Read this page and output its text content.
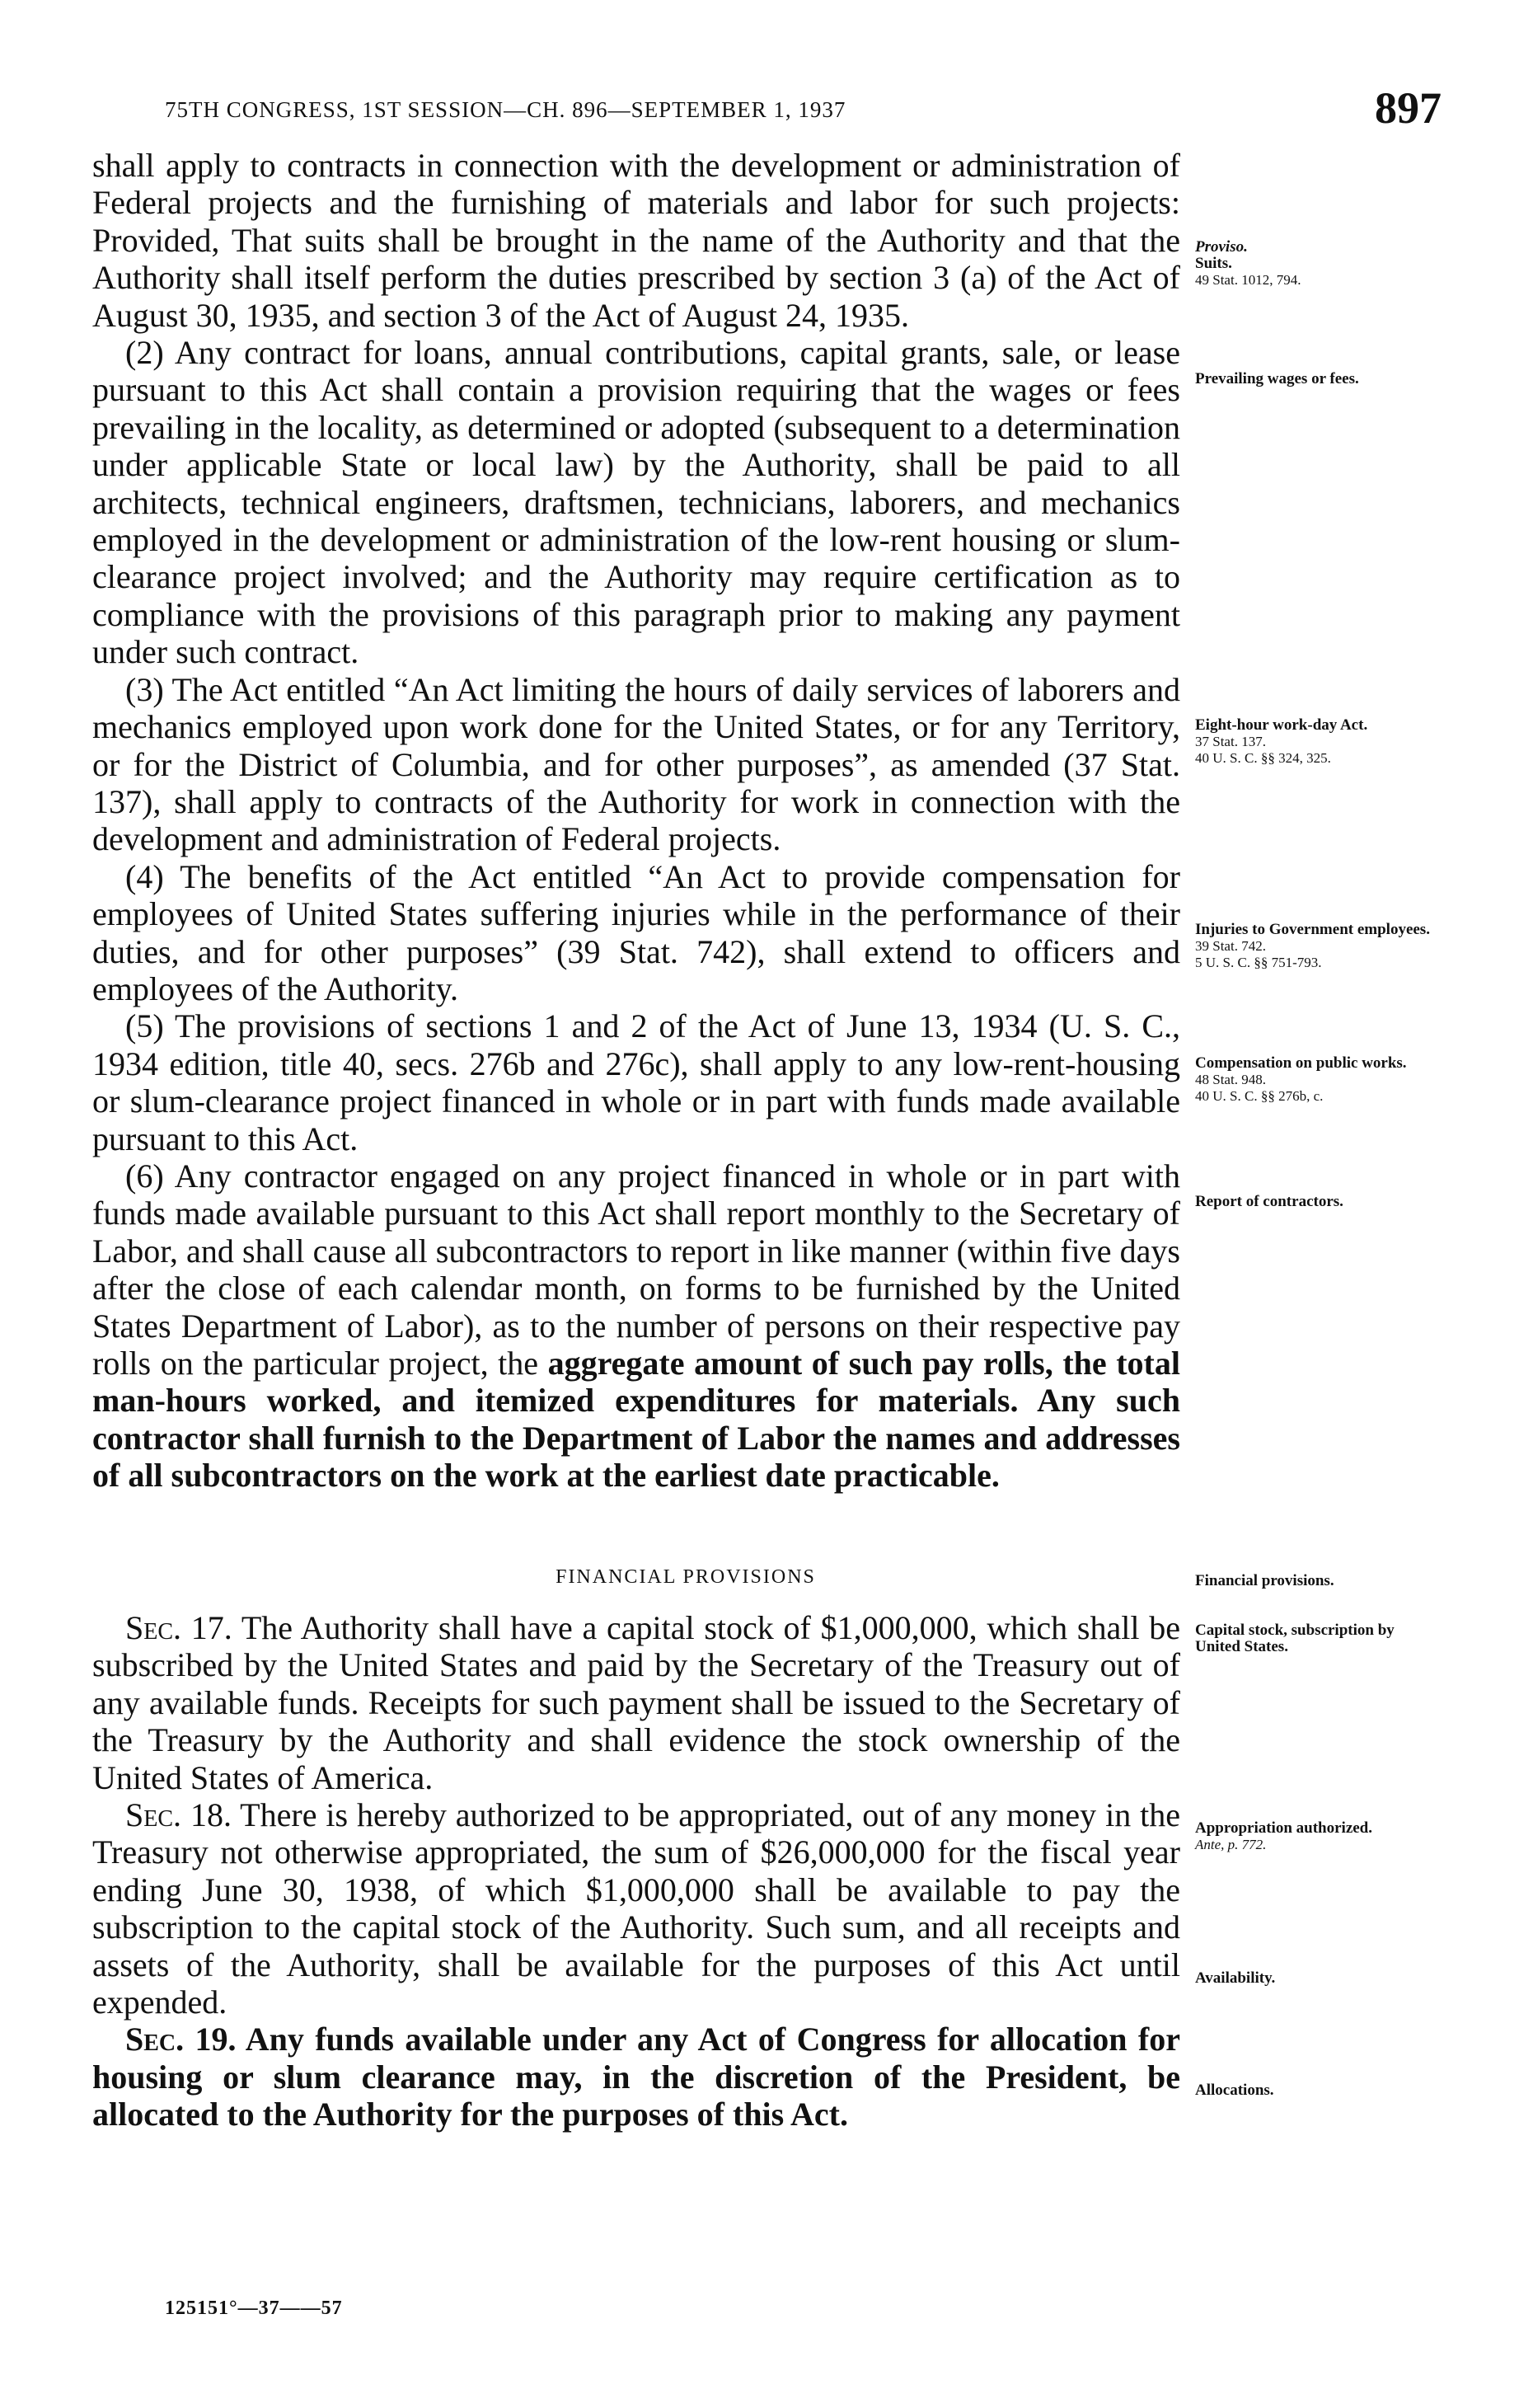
75TH CONGRESS, 1ST SESSION—CH. 896—SEPTEMBER 1, 1937	897

shall apply to contracts in connection with the development or administration of Federal projects and the furnishing of materials and labor for such projects: Provided, That suits shall be brought in the name of the Authority and that the Authority shall itself perform the duties prescribed by section 3 (a) of the Act of August 30, 1935, and section 3 of the Act of August 24, 1935.

(2) Any contract for loans, annual contributions, capital grants, sale, or lease pursuant to this Act shall contain a provision requiring that the wages or fees prevailing in the locality, as determined or adopted (subsequent to a determination under applicable State or local law) by the Authority, shall be paid to all architects, technical engineers, draftsmen, technicians, laborers, and mechanics employed in the development or administration of the low-rent housing or slum-clearance project involved; and the Authority may require certification as to compliance with the provisions of this paragraph prior to making any payment under such contract.

(3) The Act entitled “An Act limiting the hours of daily services of laborers and mechanics employed upon work done for the United States, or for any Territory, or for the District of Columbia, and for other purposes”, as amended (37 Stat. 137), shall apply to contracts of the Authority for work in connection with the development and administration of Federal projects.

(4) The benefits of the Act entitled “An Act to provide compensation for employees of United States suffering injuries while in the performance of their duties, and for other purposes” (39 Stat. 742), shall extend to officers and employees of the Authority.

(5) The provisions of sections 1 and 2 of the Act of June 13, 1934 (U. S. C., 1934 edition, title 40, secs. 276b and 276c), shall apply to any low-rent-housing or slum-clearance project financed in whole or in part with funds made available pursuant to this Act.

(6) Any contractor engaged on any project financed in whole or in part with funds made available pursuant to this Act shall report monthly to the Secretary of Labor, and shall cause all subcontractors to report in like manner (within five days after the close of each calendar month, on forms to be furnished by the United States Department of Labor), as to the number of persons on their respective pay rolls on the particular project, the aggregate amount of such pay rolls, the total man-hours worked, and itemized expenditures for materials. Any such contractor shall furnish to the Department of Labor the names and addresses of all subcontractors on the work at the earliest date practicable.

FINANCIAL PROVISIONS

Sec. 17. The Authority shall have a capital stock of $1,000,000, which shall be subscribed by the United States and paid by the Secretary of the Treasury out of any available funds. Receipts for such payment shall be issued to the Secretary of the Treasury by the Authority and shall evidence the stock ownership of the United States of America.

Sec. 18. There is hereby authorized to be appropriated, out of any money in the Treasury not otherwise appropriated, the sum of $26,000,000 for the fiscal year ending June 30, 1938, of which $1,000,000 shall be available to pay the subscription to the capital stock of the Authority. Such sum, and all receipts and assets of the Authority, shall be available for the purposes of this Act until expended.

Sec. 19. Any funds available under any Act of Congress for allocation for housing or slum clearance may, in the discretion of the President, be allocated to the Authority for the purposes of this Act.

Proviso.
Suits.
49 Stat. 1012, 794.
Prevailing wages or fees.
Eight-hour work-day Act.
37 Stat. 137.
40 U. S. C. §§ 324, 325.
Injuries to Government employees.
39 Stat. 742.
5 U. S. C. §§ 751-793.
Compensation on public works.
48 Stat. 948.
40 U. S. C. §§ 276b, c.
Report of contractors.
Financial provisions.
Capital stock, subscription by United States.
Appropriation authorized.
Ante, p. 772.
Availability.
Allocations.
125151°—37——57
